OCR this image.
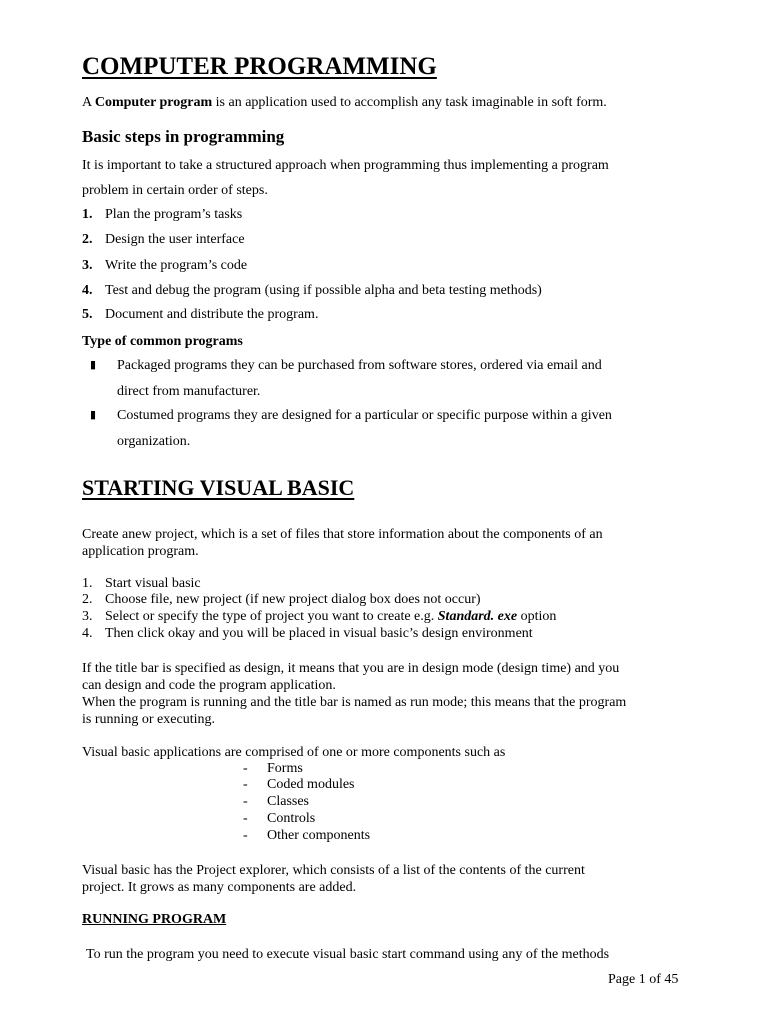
COMPUTER PROGRAMMING

A Computer program is an application used to accomplish any task imaginable in soft form.

Basic steps in programming

It is important to take a structured approach when programming thus implementing a program

problem in certain order of steps.

1. Plan the program’s tasks
2. Design the user interface
3. Write the program’s code
4. Test and debug the program (using if possible alpha and beta testing methods)
5. Document and distribute the program.

Type of common programs

▮ Packaged programs they can be purchased from software stores, ordered via email and

direct from manufacturer.

▮ Costumed programs they are designed for a particular or specific purpose within a given

organization.

STARTING VISUAL BASIC

Create anew project, which is a set of files that store information about the components of an

application program.

1. Start visual basic
2. Choose file, new project (if new project dialog box does not occur)
3. Select or specify the type of project you want to create e.g. Standard. exe option
4. Then click okay and you will be placed in visual basic’s design environment

If the title bar is specified as design, it means that you are in design mode (design time) and you

can design and code the program application.

When the program is running and the title bar is named as run mode; this means that the program

is running or executing.

Visual basic applications are comprised of one or more components such as

- Forms
- Coded modules
- Classes
- Controls
- Other components

Visual basic has the Project explorer, which consists of a list of the contents of the current

project. It grows as many components are added.

RUNNING PROGRAM

To run the program you need to execute visual basic start command using any of the methods

Page 1 of 45
